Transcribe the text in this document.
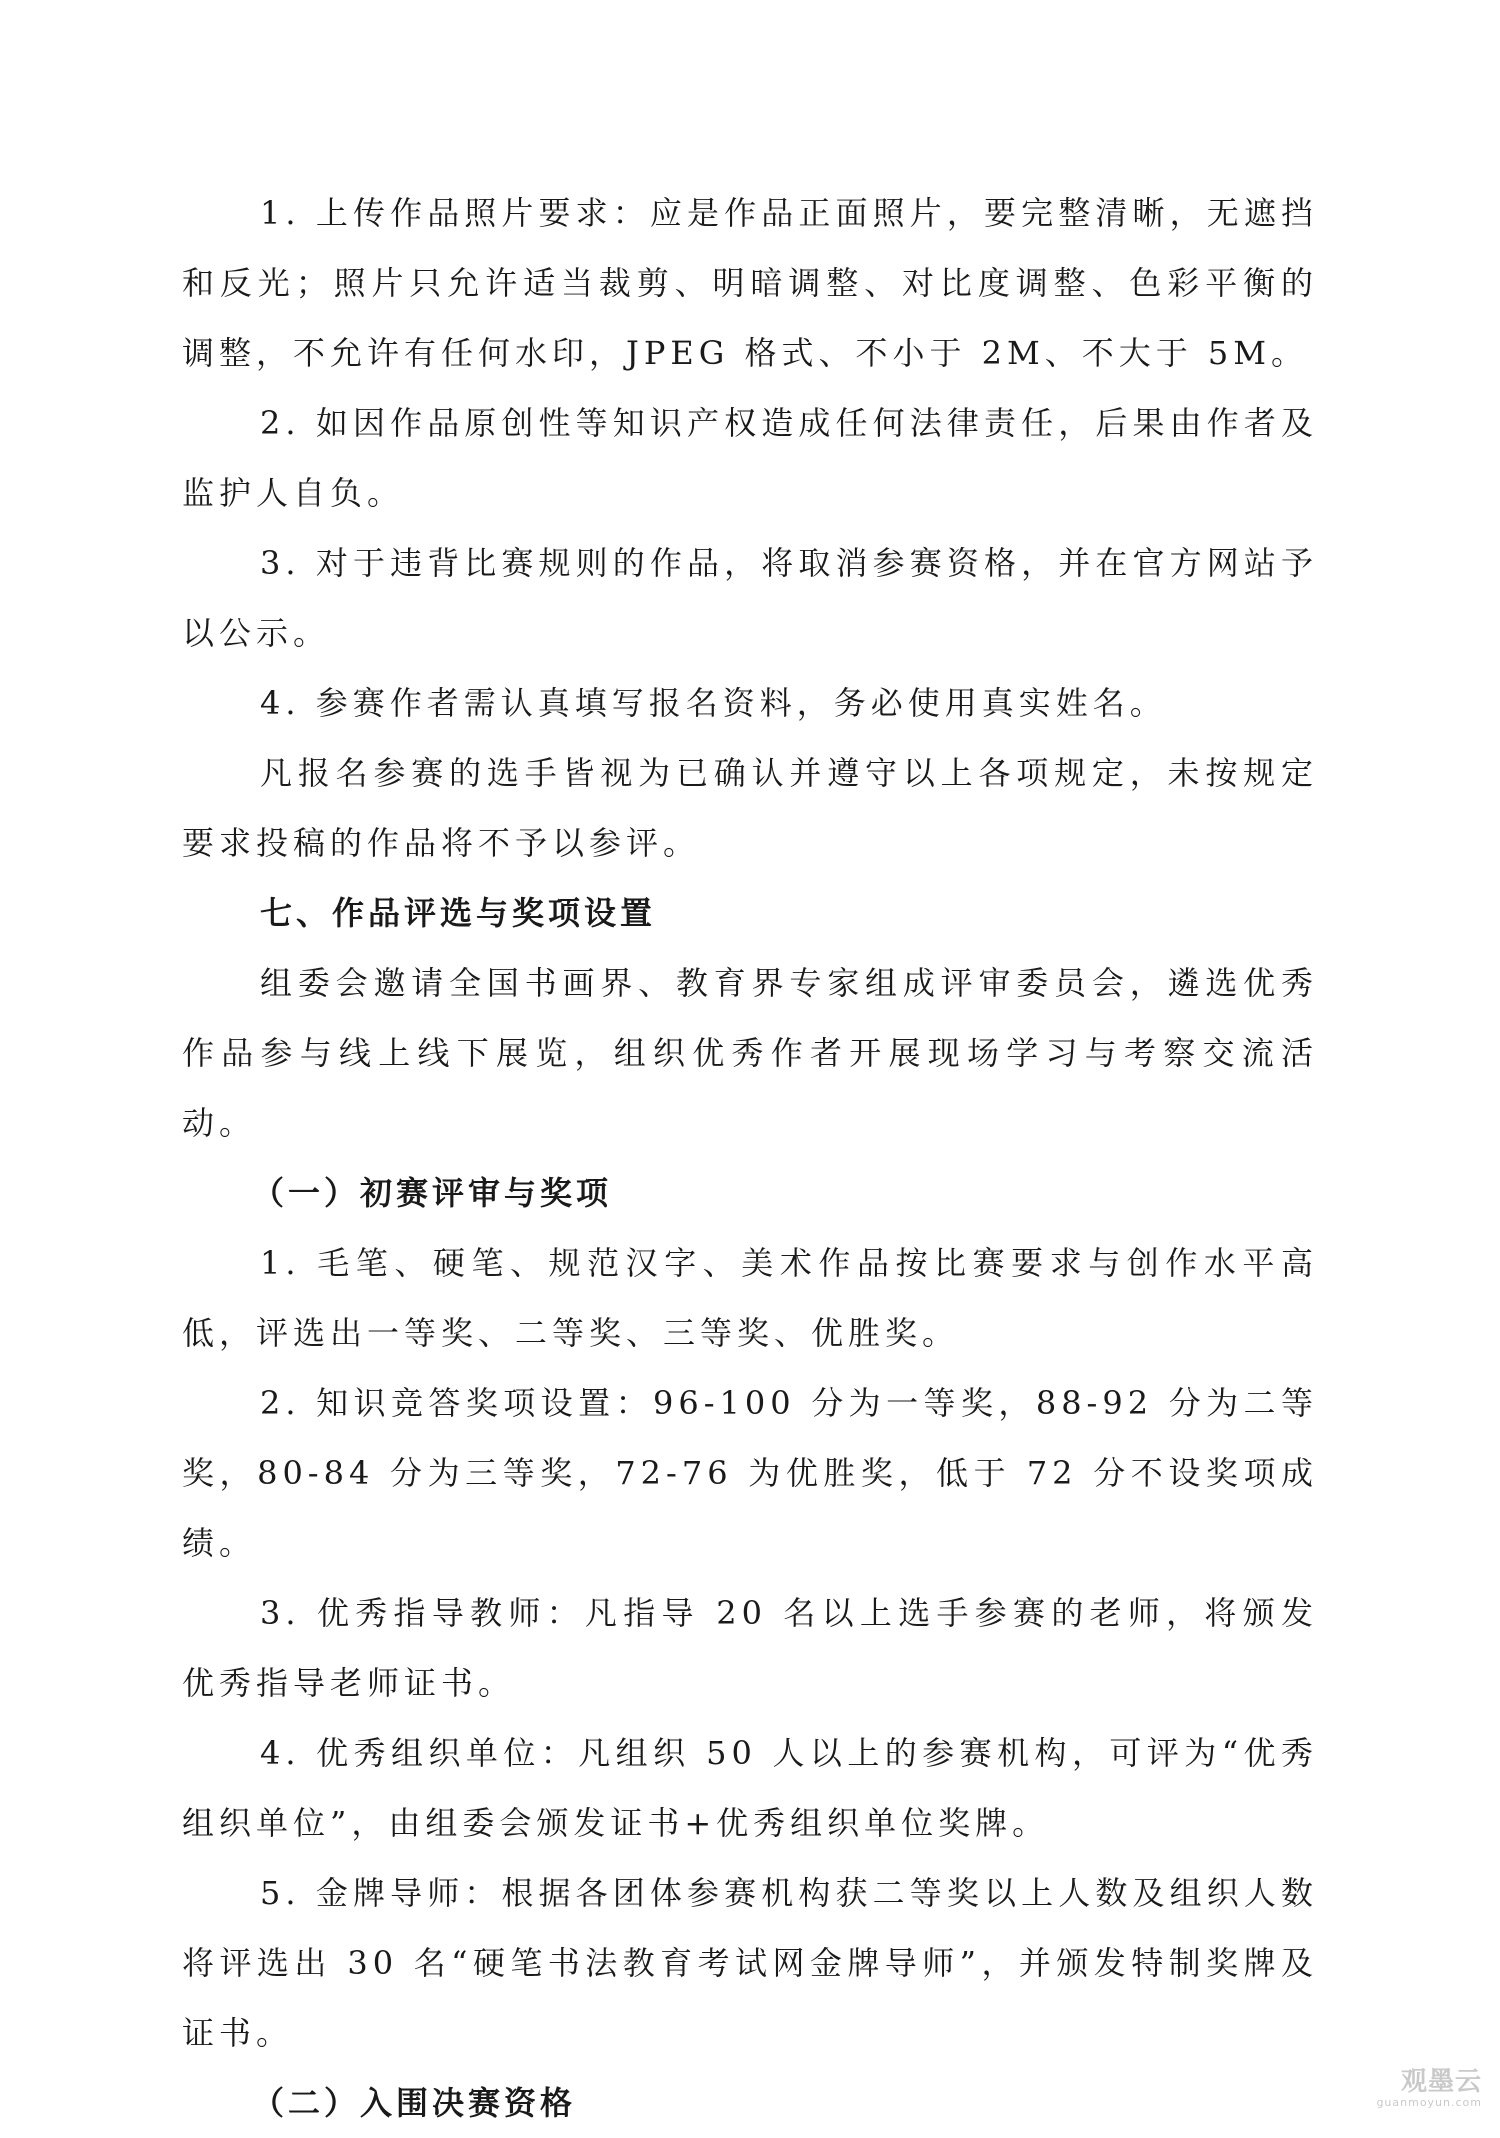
1. 上传作品照片要求：应是作品正面照片，要完整清晰，无遮挡和反光；照片只允许适当裁剪、明暗调整、对比度调整、色彩平衡的调整，不允许有任何水印，JPEG 格式、不小于 2M、不大于 5M。

2. 如因作品原创性等知识产权造成任何法律责任，后果由作者及监护人自负。

3. 对于违背比赛规则的作品，将取消参赛资格，并在官方网站予以公示。

4. 参赛作者需认真填写报名资料，务必使用真实姓名。

凡报名参赛的选手皆视为已确认并遵守以上各项规定，未按规定要求投稿的作品将不予以参评。

七、作品评选与奖项设置

组委会邀请全国书画界、教育界专家组成评审委员会，遴选优秀作品参与线上线下展览，组织优秀作者开展现场学习与考察交流活动。

（一）初赛评审与奖项

1. 毛笔、硬笔、规范汉字、美术作品按比赛要求与创作水平高低，评选出一等奖、二等奖、三等奖、优胜奖。

2. 知识竞答奖项设置：96-100 分为一等奖，88-92 分为二等奖，80-84 分为三等奖，72-76 为优胜奖，低于 72 分不设奖项成绩。

3. 优秀指导教师：凡指导 20 名以上选手参赛的老师，将颁发优秀指导老师证书。

4. 优秀组织单位：凡组织 50 人以上的参赛机构，可评为“优秀组织单位”，由组委会颁发证书+优秀组织单位奖牌。

5. 金牌导师：根据各团体参赛机构获二等奖以上人数及组织人数将评选出 30 名“硬笔书法教育考试网金牌导师”，并颁发特制奖牌及证书。

（二）入围决赛资格

观墨云
guanmoyun.com
